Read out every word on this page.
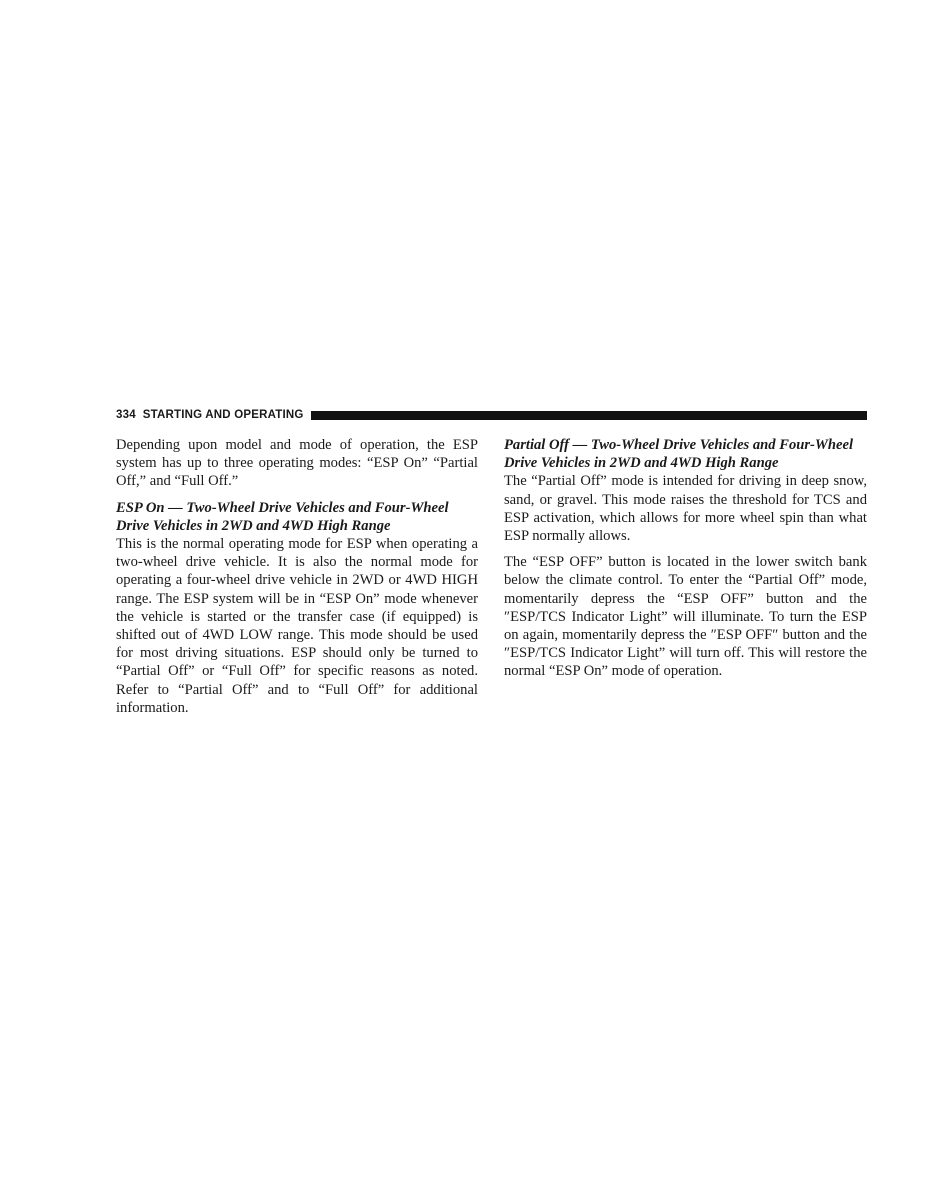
334 STARTING AND OPERATING

Depending upon model and mode of operation, the ESP system has up to three operating modes: “ESP On” “Partial Off,” and “Full Off.”

ESP On — Two-Wheel Drive Vehicles and Four-Wheel Drive Vehicles in 2WD and 4WD High Range

This is the normal operating mode for ESP when operating a two-wheel drive vehicle. It is also the normal mode for operating a four-wheel drive vehicle in 2WD or 4WD HIGH range. The ESP system will be in “ESP On” mode whenever the vehicle is started or the transfer case (if equipped) is shifted out of 4WD LOW range. This mode should be used for most driving situations. ESP should only be turned to “Partial Off” or “Full Off” for specific reasons as noted. Refer to “Partial Off” and to “Full Off” for additional information.

Partial Off — Two-Wheel Drive Vehicles and Four-Wheel Drive Vehicles in 2WD and 4WD High Range

The “Partial Off” mode is intended for driving in deep snow, sand, or gravel. This mode raises the threshold for TCS and ESP activation, which allows for more wheel spin than what ESP normally allows.

The “ESP OFF” button is located in the lower switch bank below the climate control. To enter the “Partial Off” mode, momentarily depress the “ESP OFF” button and the ″ESP/TCS Indicator Light” will illuminate. To turn the ESP on again, momentarily depress the ″ESP OFF″ button and the ″ESP/TCS Indicator Light” will turn off. This will restore the normal “ESP On” mode of operation.
